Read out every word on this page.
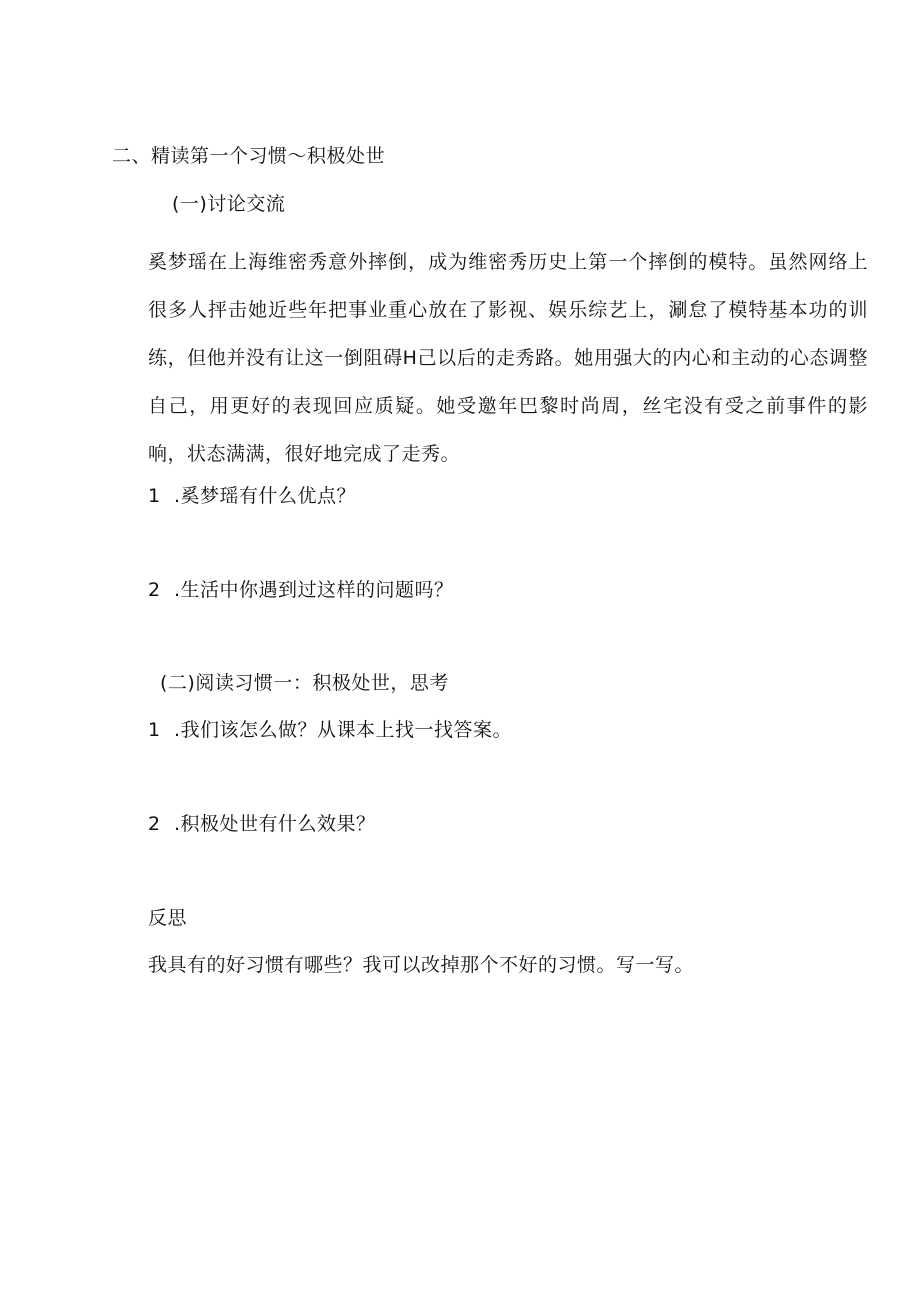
二、精读第一个习惯～积极处世
(一)讨论交流
奚梦瑶在上海维密秀意外摔倒，成为维密秀历史上第一个摔倒的模特。虽然网络上很多人抨击她近些年把事业重心放在了影视、娱乐综艺上，涮怠了模特基本功的训练，但他并没有让这一倒阻碍H己以后的走秀路。她用强大的内心和主动的心态调整自己，用更好的表现回应质疑。她受邀年巴黎时尚周，丝宅没有受之前事件的影响，状态满满，很好地完成了走秀。
1 .奚梦瑶有什么优点？
2 .生活中你遇到过这样的问题吗？
(二)阅读习惯一：积极处世，思考
1 .我们该怎么做？从课本上找一找答案。
2 .积极处世有什么效果？
反思
我具有的好习惯有哪些？我可以改掉那个不好的习惯。写一写。
